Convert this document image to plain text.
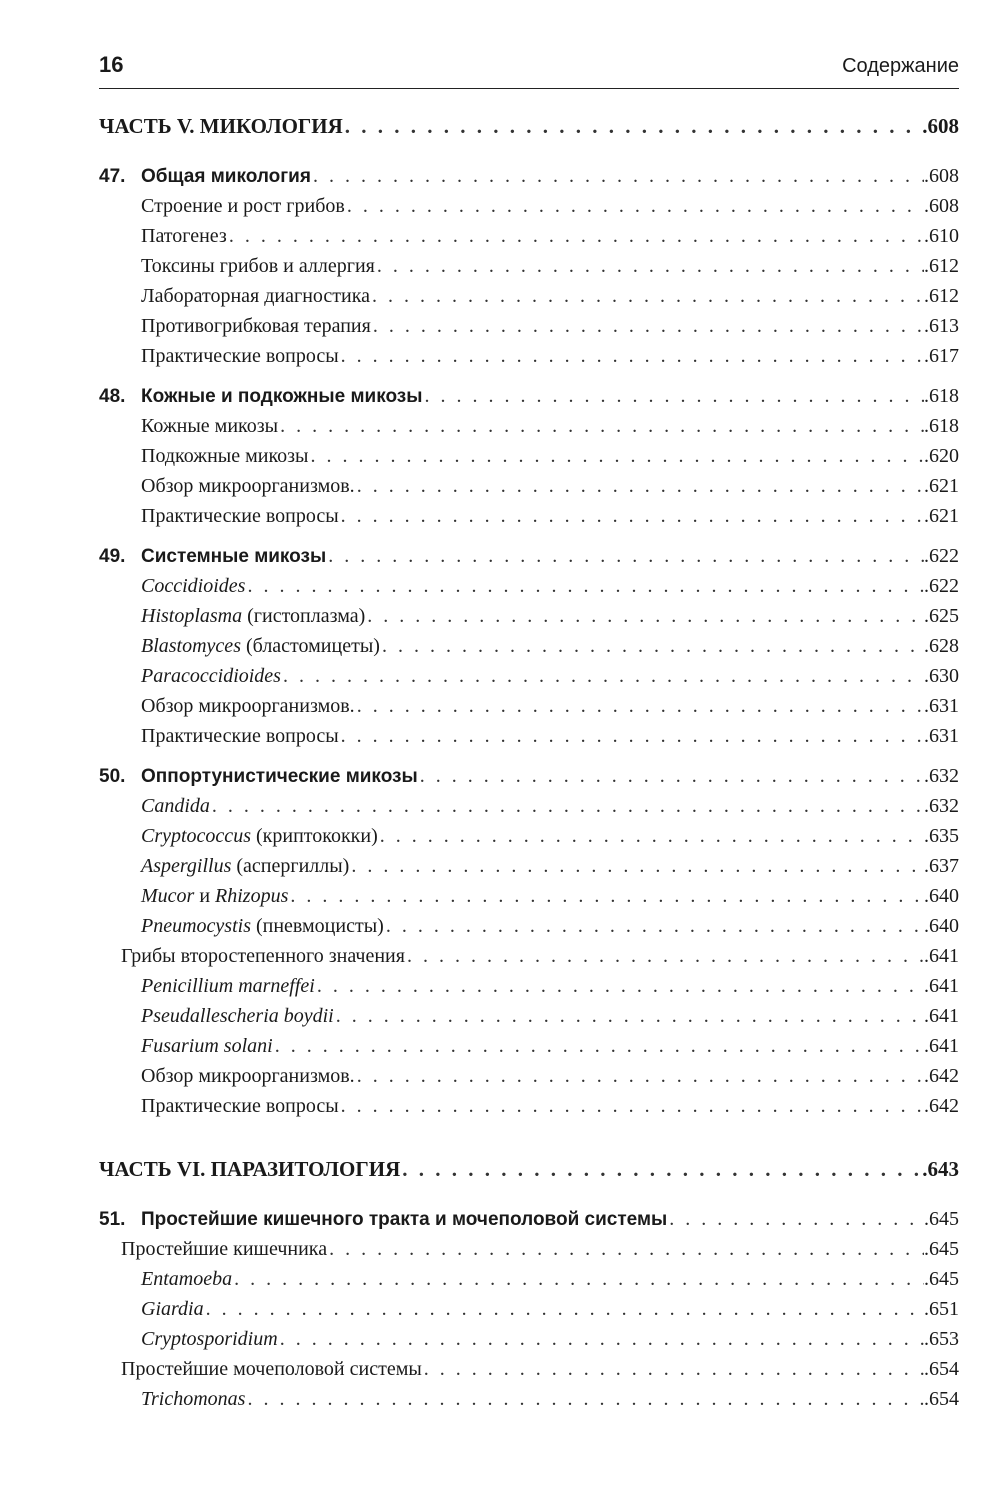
16	Содержание
ЧАСТЬ V. МИКОЛОГИЯ . . .	.608
47. Общая микология . . .	.608
Строение и рост грибов . . .	.608
Патогенез . . .	.610
Токсины грибов и аллергия . . .	.612
Лабораторная диагностика . . .	.612
Противогрибковая терапия . . .	.613
Практические вопросы . . .	.617
48. Кожные и подкожные микозы . . .	.618
Кожные микозы . . .	.618
Подкожные микозы . . .	.620
Обзор микроорганизмов. . . .	.621
Практические вопросы . . .	.621
49. Системные микозы . . .	.622
Coccidioides . . .	.622
Histoplasma (гистоплазма) . . .	.625
Blastomyces (бластомицеты) . . .	.628
Paracoccidioides . . .	.630
Обзор микроорганизмов. . . .	.631
Практические вопросы . . .	.631
50. Оппортунистические микозы . . .	.632
Candida . . .	.632
Cryptococcus (криптококки) . . .	.635
Aspergillus (аспергиллы) . . .	.637
Mucor и Rhizopus . . .	.640
Pneumocystis (пневмоцисты) . . .	.640
Грибы второстепенного значения . . .	.641
Penicillium marneffei . . .	.641
Pseudallescheria boydii . . .	.641
Fusarium solani . . .	.641
Обзор микроорганизмов. . . .	.642
Практические вопросы . . .	.642
ЧАСТЬ VI. ПАРАЗИТОЛОГИЯ . . .	.643
51. Простейшие кишечного тракта и мочеполовой системы . . .	.645
Простейшие кишечника . . .	.645
Entamoeba . . .	.645
Giardia . . .	.651
Cryptosporidium . . .	.653
Простейшие мочеполовой системы . . .	.654
Trichomonas . . .	.654
